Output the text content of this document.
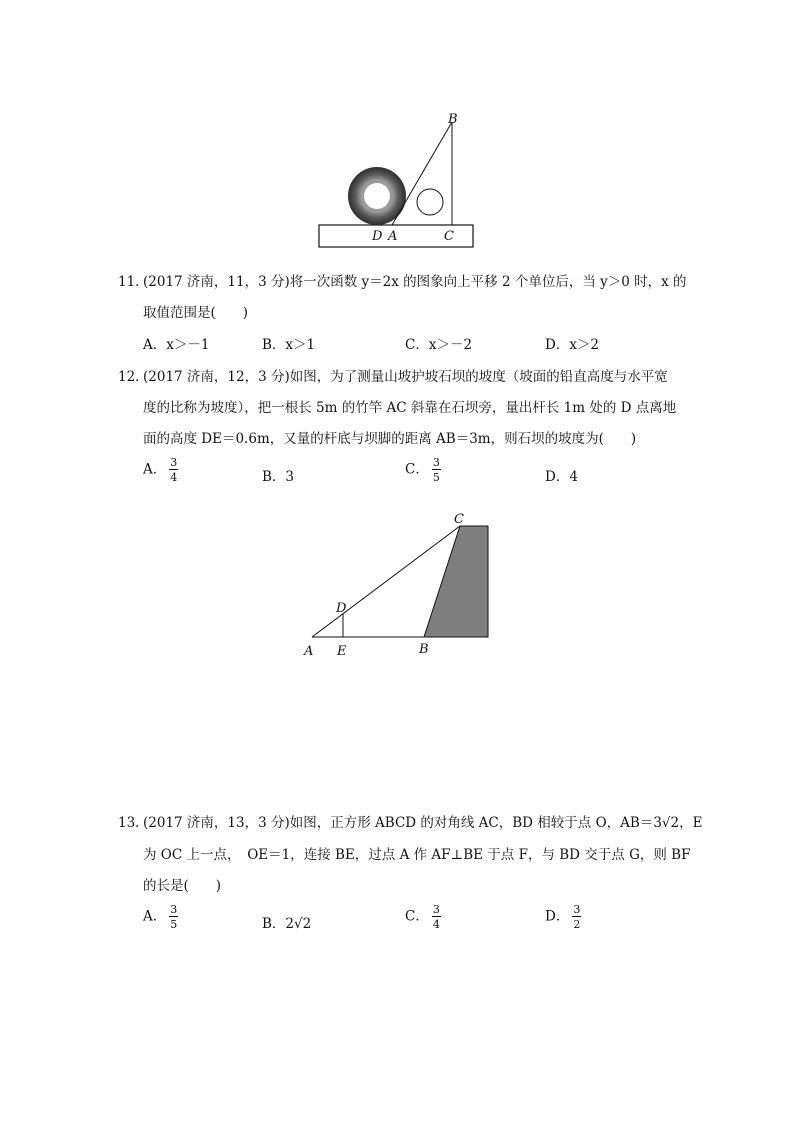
B
D A	C
11．
(2017 济南，11，3 分)将一次函数 y＝2x 的图象向上平移 2 个单位后，当 y＞0 时，x 的
取值范围是(　　)
A．x＞－1	B．x＞1	C．x＞－2	D．x＞2
12．
(2017 济南，12，3 分)如图，为了测量山坡护坡石坝的坡度（坡面的铅直高度与水平宽
度的比称为坡度），把一根长 5m 的竹竿 AC 斜靠在石坝旁，量出杆长 1m 处的 D 点离地
面的高度 DE＝0.6m，又量的杆底与坝脚的距离 AB＝3m，则石坝的坡度为(　　)
A． $\frac{3}{4}$	B．3	C． $\frac{3}{5}$	D．4
C
D
A E	B
13．
(2017 济南，13，3 分)如图，正方形 ABCD 的对角线 AC，BD 相较于点 O，AB＝3√2，E
为 OC 上一点，　OE＝1，连接 BE，过点 A 作 AF⊥BE 于点 F，与 BD 交于点 G，则 BF
的长是(　　)
A． $\frac{3}{5}$	B．2√2	C． $\frac{3}{4}$	D． $\frac{3}{2}$
